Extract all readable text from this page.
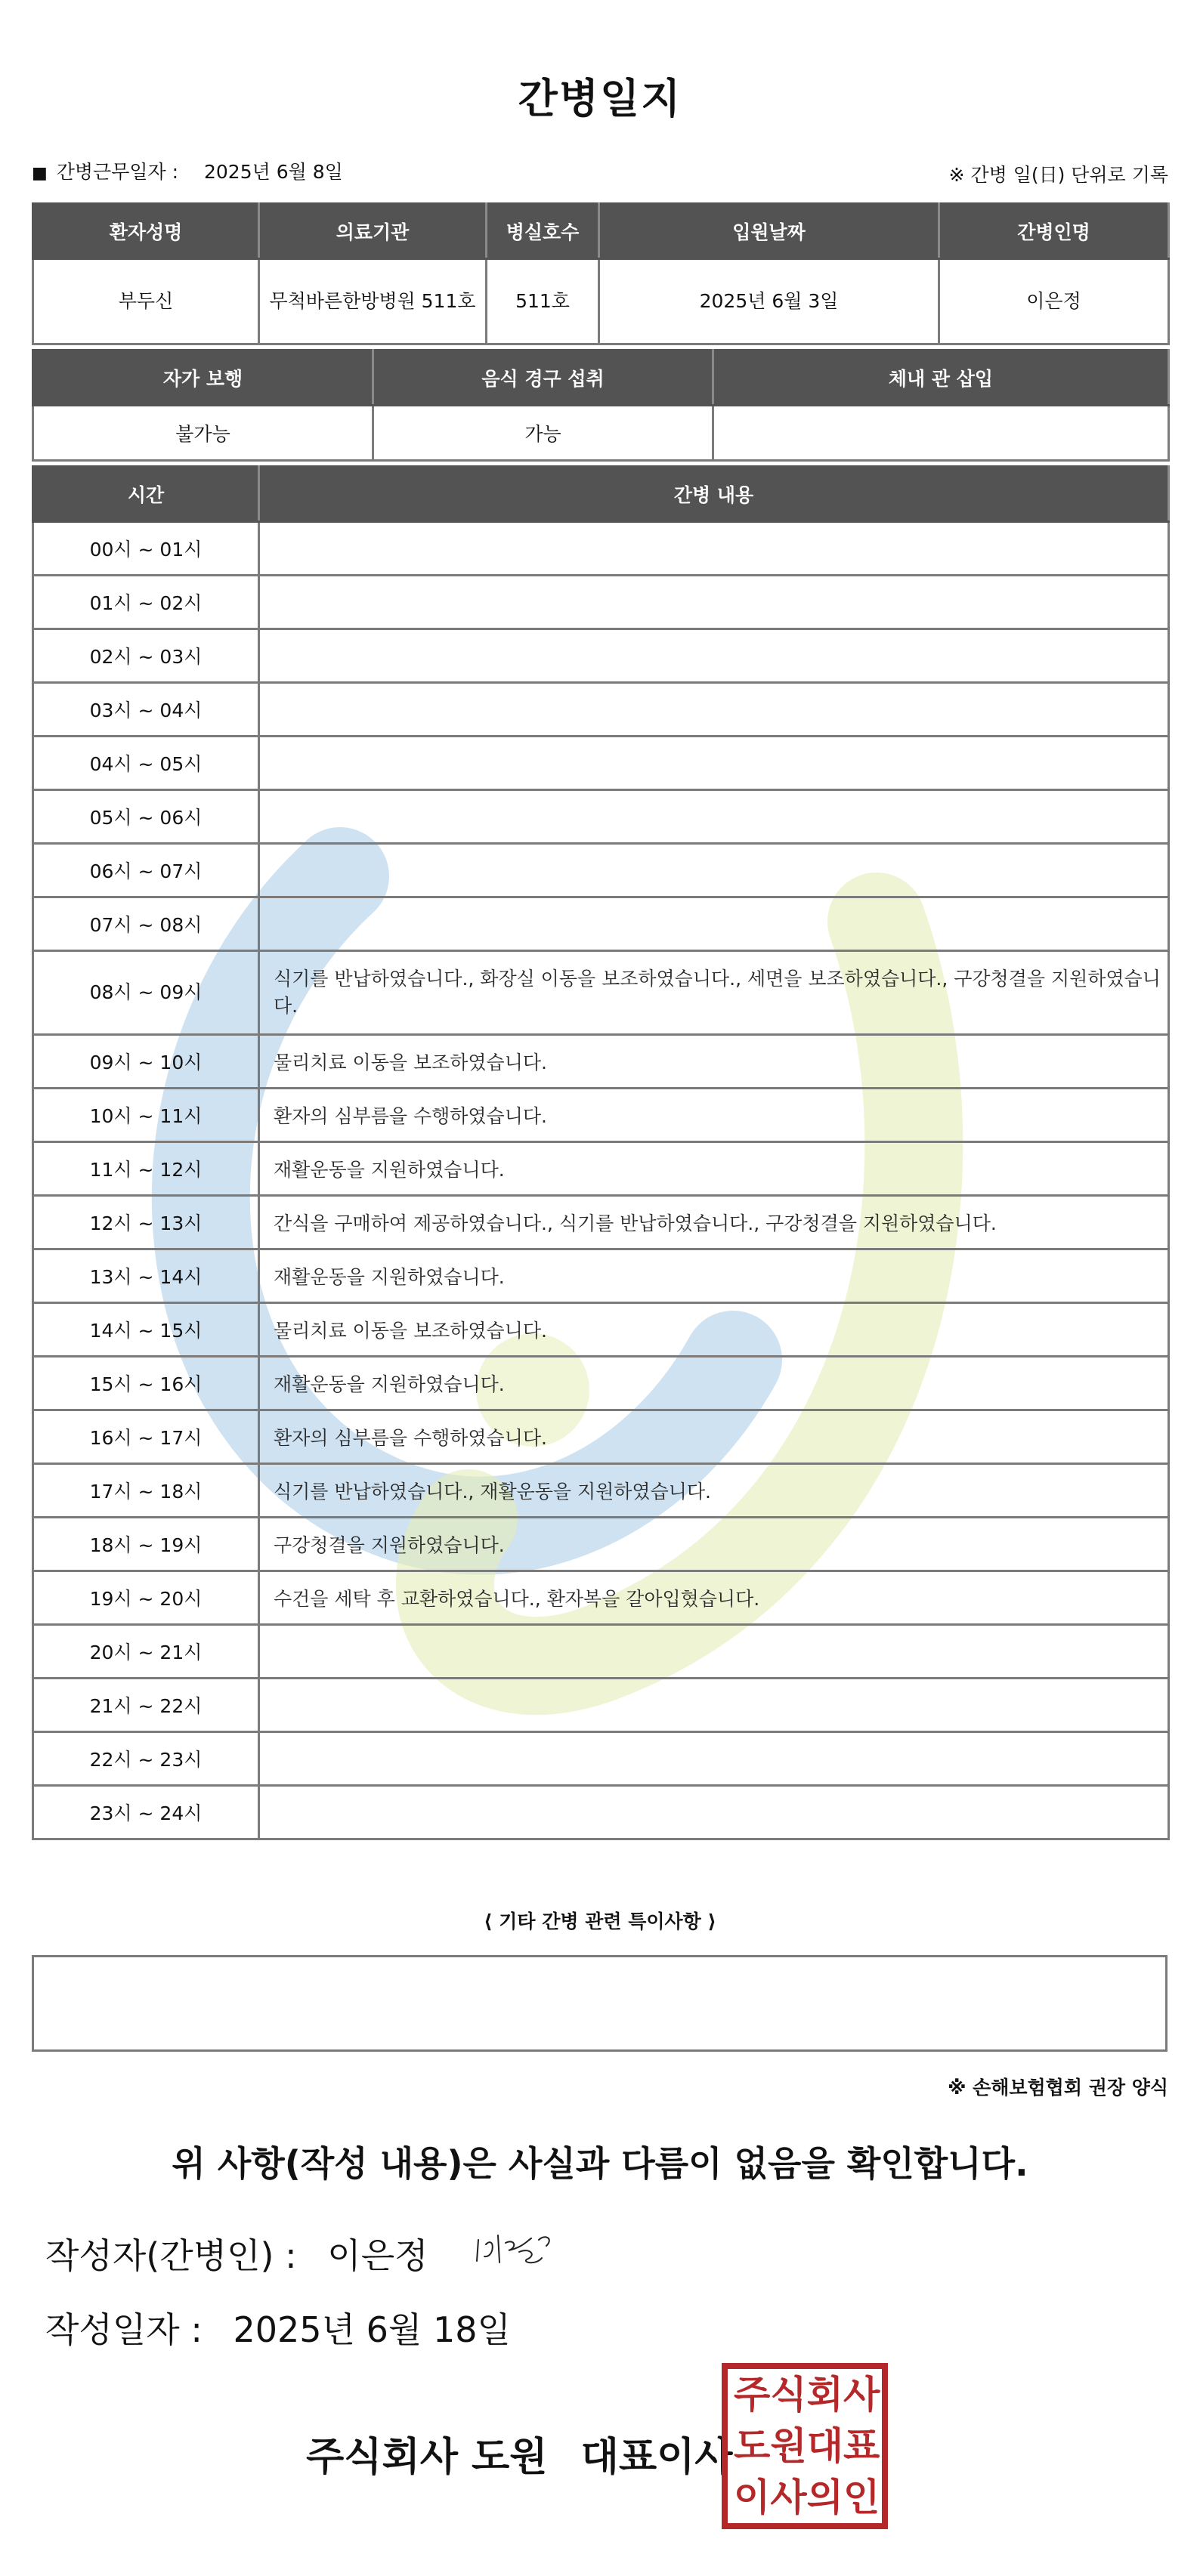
간병일지
■ 간병근무일자 : 2025년 6월 8일	※ 간병 일(日) 단위로 기록
환자성명	의료기관	병실호수	입원날짜	간병인명
부두신	무척바른한방병원 511호	511호	2025년 6월 3일	이은정
자가 보행	음식 경구 섭취	체내 관 삽입
불가능	가능	
시간	간병 내용
00시 ~ 01시	
01시 ~ 02시	
02시 ~ 03시	
03시 ~ 04시	
04시 ~ 05시	
05시 ~ 06시	
06시 ~ 07시	
07시 ~ 08시	
08시 ~ 09시	식기를 반납하였습니다., 화장실 이동을 보조하였습니다., 세면을 보조하였습니다., 구강청결을 지원하였습니다.
09시 ~ 10시	물리치료 이동을 보조하였습니다.
10시 ~ 11시	환자의 심부름을 수행하였습니다.
11시 ~ 12시	재활운동을 지원하였습니다.
12시 ~ 13시	간식을 구매하여 제공하였습니다., 식기를 반납하였습니다., 구강청결을 지원하였습니다.
13시 ~ 14시	재활운동을 지원하였습니다.
14시 ~ 15시	물리치료 이동을 보조하였습니다.
15시 ~ 16시	재활운동을 지원하였습니다.
16시 ~ 17시	환자의 심부름을 수행하였습니다.
17시 ~ 18시	식기를 반납하였습니다., 재활운동을 지원하였습니다.
18시 ~ 19시	구강청결을 지원하였습니다.
19시 ~ 20시	수건을 세탁 후 교환하였습니다., 환자복을 갈아입혔습니다.
20시 ~ 21시	
21시 ~ 22시	
22시 ~ 23시	
23시 ~ 24시	
⟨ 기타 간병 관련 특이사항 ⟩
※ 손해보험협회 권장 양식
위 사항(작성 내용)은 사실과 다름이 없음을 확인합니다.
작성자(간병인) : 이은정
작성일자 : 2025년 6월 18일
주식회사 도원 대표이사
주 식 회 사
도 원 대 표
이 사 의 인
